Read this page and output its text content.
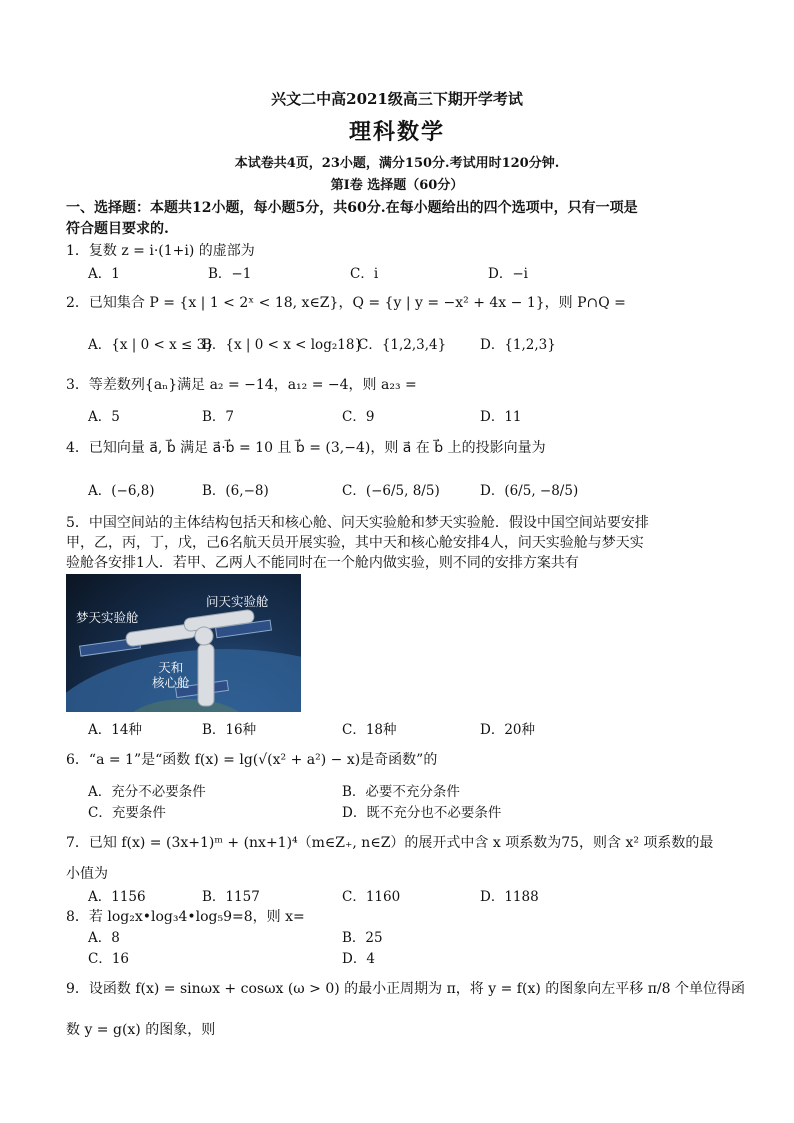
兴文二中高2021级高三下期开学考试
理科数学
本试卷共4页，23小题，满分150分.考试用时120分钟.
第I卷 选择题（60分）
一、选择题：本题共12小题，每小题5分，共60分.在每小题给出的四个选项中，只有一项是
符合题目要求的.
1．复数 z = i·(1+i) 的虚部为
A．1	B．−1	C．i	D．−i
2．已知集合 P = {x | 1 < 2ˣ < 18, x∈Z}，Q = {y | y = −x² + 4x − 1}，则 P∩Q =
A．{x | 0 < x ≤ 3}
B．{x | 0 < x < log₂18}
C．{1,2,3,4}	D．{1,2,3}
3．等差数列{aₙ}满足 a₂ = −14，a₁₂ = −4，则 a₂₃ =
A．5	B．7	C．9	D．11
4．已知向量 a⃗, b⃗ 满足 a⃗·b⃗ = 10 且 b⃗ = (3,−4)，则 a⃗ 在 b⃗ 上的投影向量为
A．(−6,8)	B．(6,−8)	C．(−6/5, 8/5)	D．(6/5, −8/5)
5．中国空间站的主体结构包括天和核心舱、问天实验舱和梦天实验舱．假设中国空间站要安排
甲，乙，丙，丁，戊，己6名航天员开展实验，其中天和核心舱安排4人，问天实验舱与梦天实
验舱各安排1人．若甲、乙两人不能同时在一个舱内做实验，则不同的安排方案共有
梦天实验舱
问天实验舱
天和
核心舱
A．14种	B．16种	C．18种	D．20种
6．“a = 1”是“函数 f(x) = lg(√(x² + a²) − x)是奇函数”的
A．充分不必要条件	B．必要不充分条件
C．充要条件	D．既不充分也不必要条件
7．已知 f(x) = (3x+1)ᵐ + (nx+1)⁴（m∈Z₊, n∈Z）的展开式中含 x 项系数为75，则含 x² 项系数的最
小值为
A．1156	B．1157	C．1160	D．1188
8．若 log₂x•log₃4•log₅9=8，则 x=
A．8	B．25
C．16	D．4
9．设函数 f(x) = sinωx + cosωx (ω > 0) 的最小正周期为 π，将 y = f(x) 的图象向左平移 π/8 个单位得函
数 y = g(x) 的图象，则
